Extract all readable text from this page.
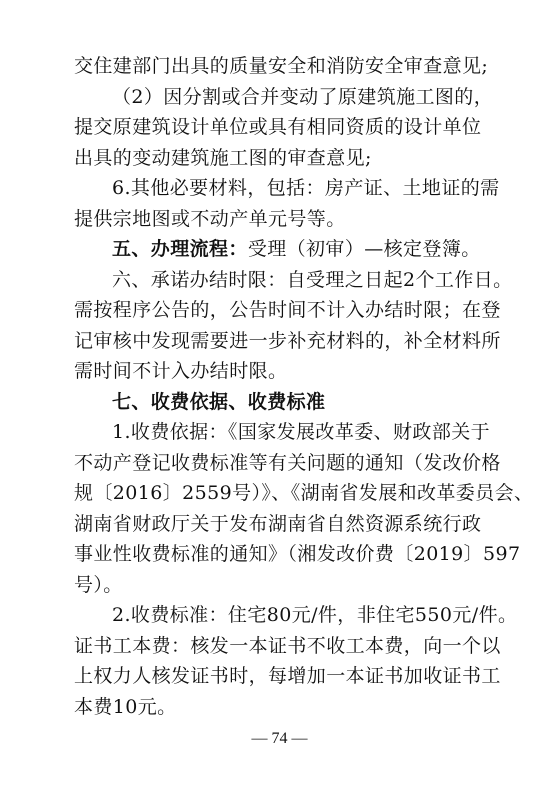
交住建部门出具的质量安全和消防安全审查意见;
（2）因分割或合并变动了原建筑施工图的，
提交原建筑设计单位或具有相同资质的设计单位
出具的变动建筑施工图的审查意见;
6.其他必要材料，包括：房产证、土地证的需
提供宗地图或不动产单元号等。
五、办理流程：受理（初审）—核定登簿。
六、承诺办结时限：自受理之日起2个工作日。
需按程序公告的，公告时间不计入办结时限；在登
记审核中发现需要进一步补充材料的，补全材料所
需时间不计入办结时限。
七、收费依据、收费标准
1.收费依据：《国家发展改革委、财政部关于
不动产登记收费标准等有关问题的通知（发改价格
规〔2016〕2559号）》、《湖南省发展和改革委员会、
湖南省财政厅关于发布湖南省自然资源系统行政
事业性收费标准的通知》（湘发改价费〔2019〕597
号）。
2.收费标准：住宅80元/件，非住宅550元/件。
证书工本费：核发一本证书不收工本费，向一个以
上权力人核发证书时，每增加一本证书加收证书工
本费10元。
— 74 —
